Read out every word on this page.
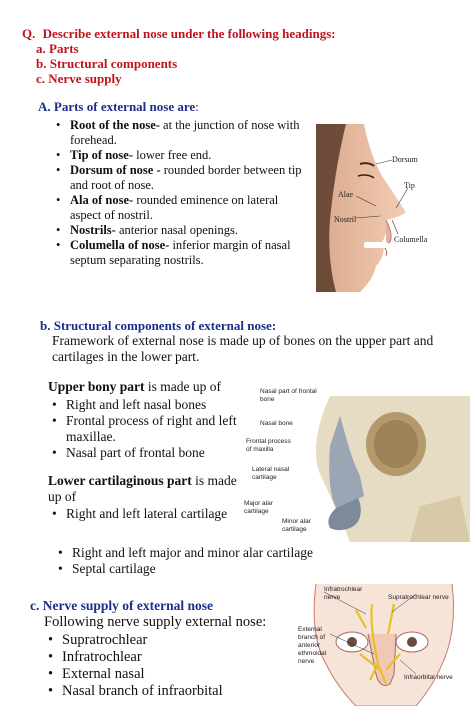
Q. Describe external nose under the following headings:
a. Parts
b. Structural components
c. Nerve supply
A. Parts of external nose are:
• Root of the nose- at the junction of nose with forehead.
• Tip of nose- lower free end.
• Dorsum of nose - rounded border between tip and root of nose.
• Ala of nose- rounded eminence on lateral aspect of nostril.
• Nostrils- anterior nasal openings.
• Columella of nose- inferior margin of nasal septum separating nostrils.
Dorsum
Tip
Alae
Nostril
Columella
b. Structural components of external nose:
Framework of external nose is made up of bones on the upper part and cartilages in the lower part.
Upper bony part is made up of
• Right and left nasal bones
• Frontal process of right and left maxillae.
• Nasal part of frontal bone
Lower cartilaginous part is made up of
• Right and left lateral cartilage
• Right and left major and minor alar cartilage
• Septal cartilage
Nasal part of frontal bone
Nasal bone
Frontal process of maxilla
Lateral nasal cartilage
Major alar cartilage
Minor alar cartilage
c. Nerve supply of external nose
Following nerve supply external nose:
• Supratrochlear
• Infratrochlear
• External nasal
• Nasal branch of infraorbital
Infratrochlear nerve	Supratrochlear nerve
External branch of anterior ethmoidal nerve
Infraorbital nerve
